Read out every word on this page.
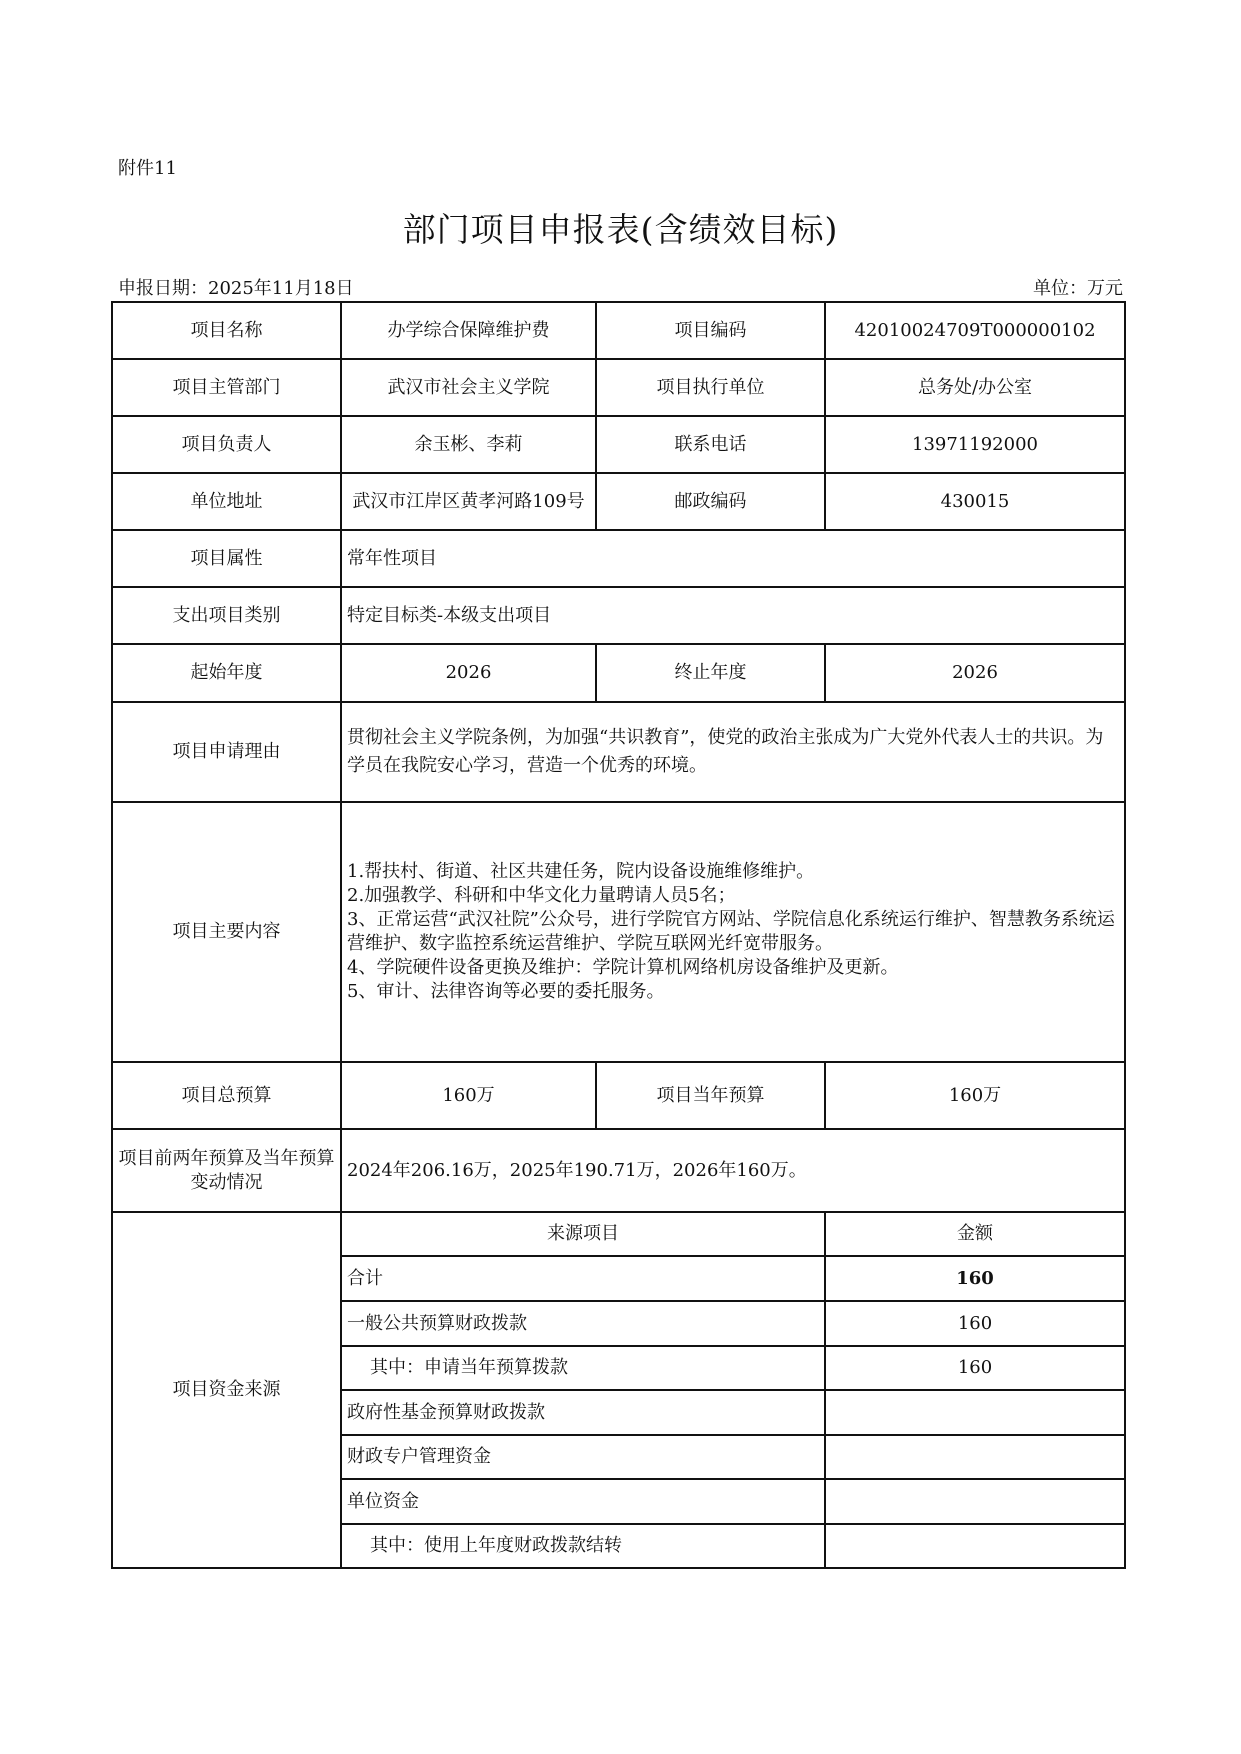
附件11
部门项目申报表(含绩效目标)
申报日期：2025年11月18日	单位：万元
项目名称	办学综合保障维护费	项目编码	42010024709T000000102
项目主管部门	武汉市社会主义学院	项目执行单位	总务处/办公室
项目负责人	余玉彬、李莉	联系电话	13971192000
单位地址	武汉市江岸区黄孝河路109号	邮政编码	430015
项目属性	常年性项目		
支出项目类别	特定目标类-本级支出项目		
起始年度	2026	终止年度	2026
项目申请理由	贯彻社会主义学院条例，为加强“共识教育”，使党的政治主张成为广大党外代表人士的共识。为学员在我院安心学习，营造一个优秀的环境。		
项目主要内容	1.帮扶村、街道、社区共建任务，院内设备设施维修维护。
2.加强教学、科研和中华文化力量聘请人员5名；
3、正常运营“武汉社院”公众号，进行学院官方网站、学院信息化系统运行维护、智慧教务系统运营维护、数字监控系统运营维护、学院互联网光纤宽带服务。
4、学院硬件设备更换及维护：学院计算机网络机房设备维护及更新。
5、审计、法律咨询等必要的委托服务。		

项目总预算	160万	项目当年预算	160万
项目前两年预算及当年预算变动情况	2024年206.16万，2025年190.71万，2026年160万。		
项目资金来源	来源项目		金额
	合计		160
	一般公共预算财政拨款		160
	其中：申请当年预算拨款		160
	政府性基金预算财政拨款		
	财政专户管理资金		
	单位资金		
	其中：使用上年度财政拨款结转		
